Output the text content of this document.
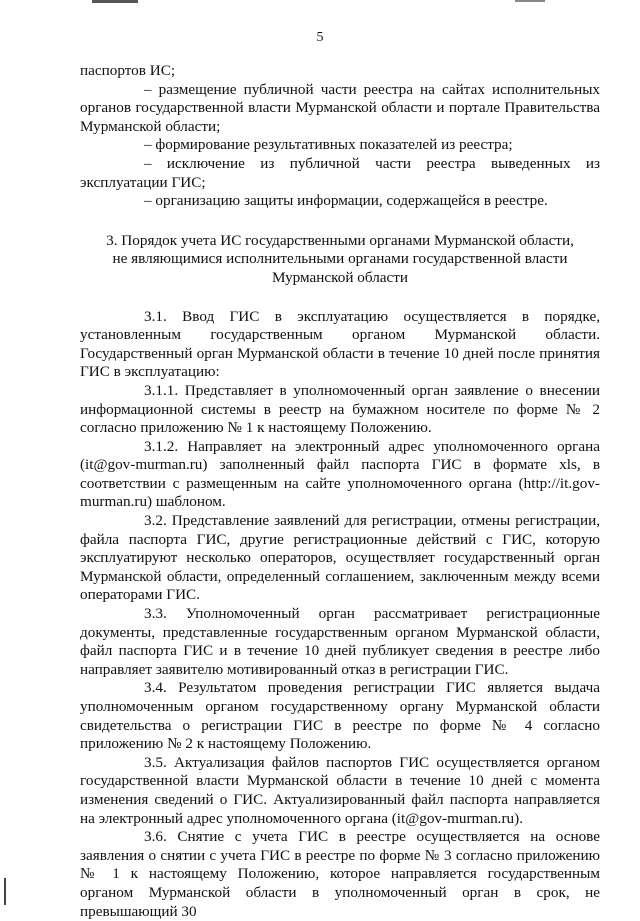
5

паспортов ИС;

– размещение публичной части реестра на сайтах исполнительных органов государственной власти Мурманской области и портале Правительства Мурманской области;

– формирование результативных показателей из реестра;

– исключение из публичной части реестра выведенных из эксплуатации ГИС;

– организацию защиты информации, содержащейся в реестре.

3. Порядок учета ИС государственными органами Мурманской области,
не являющимися исполнительными органами государственной власти
Мурманской области

3.1. Ввод ГИС в эксплуатацию осуществляется в порядке, установленным государственным органом Мурманской области. Государственный орган Мурманской области в течение 10 дней после принятия ГИС в эксплуатацию:

3.1.1. Представляет в уполномоченный орган заявление о внесении информационной системы в реестр на бумажном носителе по форме № 2 согласно приложению № 1 к настоящему Положению.

3.1.2. Направляет на электронный адрес уполномоченного органа (it@gov-murman.ru) заполненный файл паспорта ГИС в формате xls, в соответствии с размещенным на сайте уполномоченного органа (http://it.gov-murman.ru) шаблоном.

3.2. Представление заявлений для регистрации, отмены регистрации, файла паспорта ГИС, другие регистрационные действий с ГИС, которую эксплуатируют несколько операторов, осуществляет государственный орган Мурманской области, определенный соглашением, заключенным между всеми операторами ГИС.

3.3. Уполномоченный орган рассматривает регистрационные документы, представленные государственным органом Мурманской области, файл паспорта ГИС и в течение 10 дней публикует сведения в реестре либо направляет заявителю мотивированный отказ в регистрации ГИС.

3.4. Результатом проведения регистрации ГИС является выдача уполномоченным органом государственному органу Мурманской области свидетельства о регистрации ГИС в реестре по форме № 4 согласно приложению № 2 к настоящему Положению.

3.5. Актуализация файлов паспортов ГИС осуществляется органом государственной власти Мурманской области в течение 10 дней с момента изменения сведений о ГИС. Актуализированный файл паспорта направляется на электронный адрес уполномоченного органа (it@gov-murman.ru).

3.6. Снятие с учета ГИС в реестре осуществляется на основе заявления о снятии с учета ГИС в реестре по форме № 3 согласно приложению № 1 к настоящему Положению, которое направляется государственным органом Мурманской области в уполномоченный орган в срок, не превышающий 30
